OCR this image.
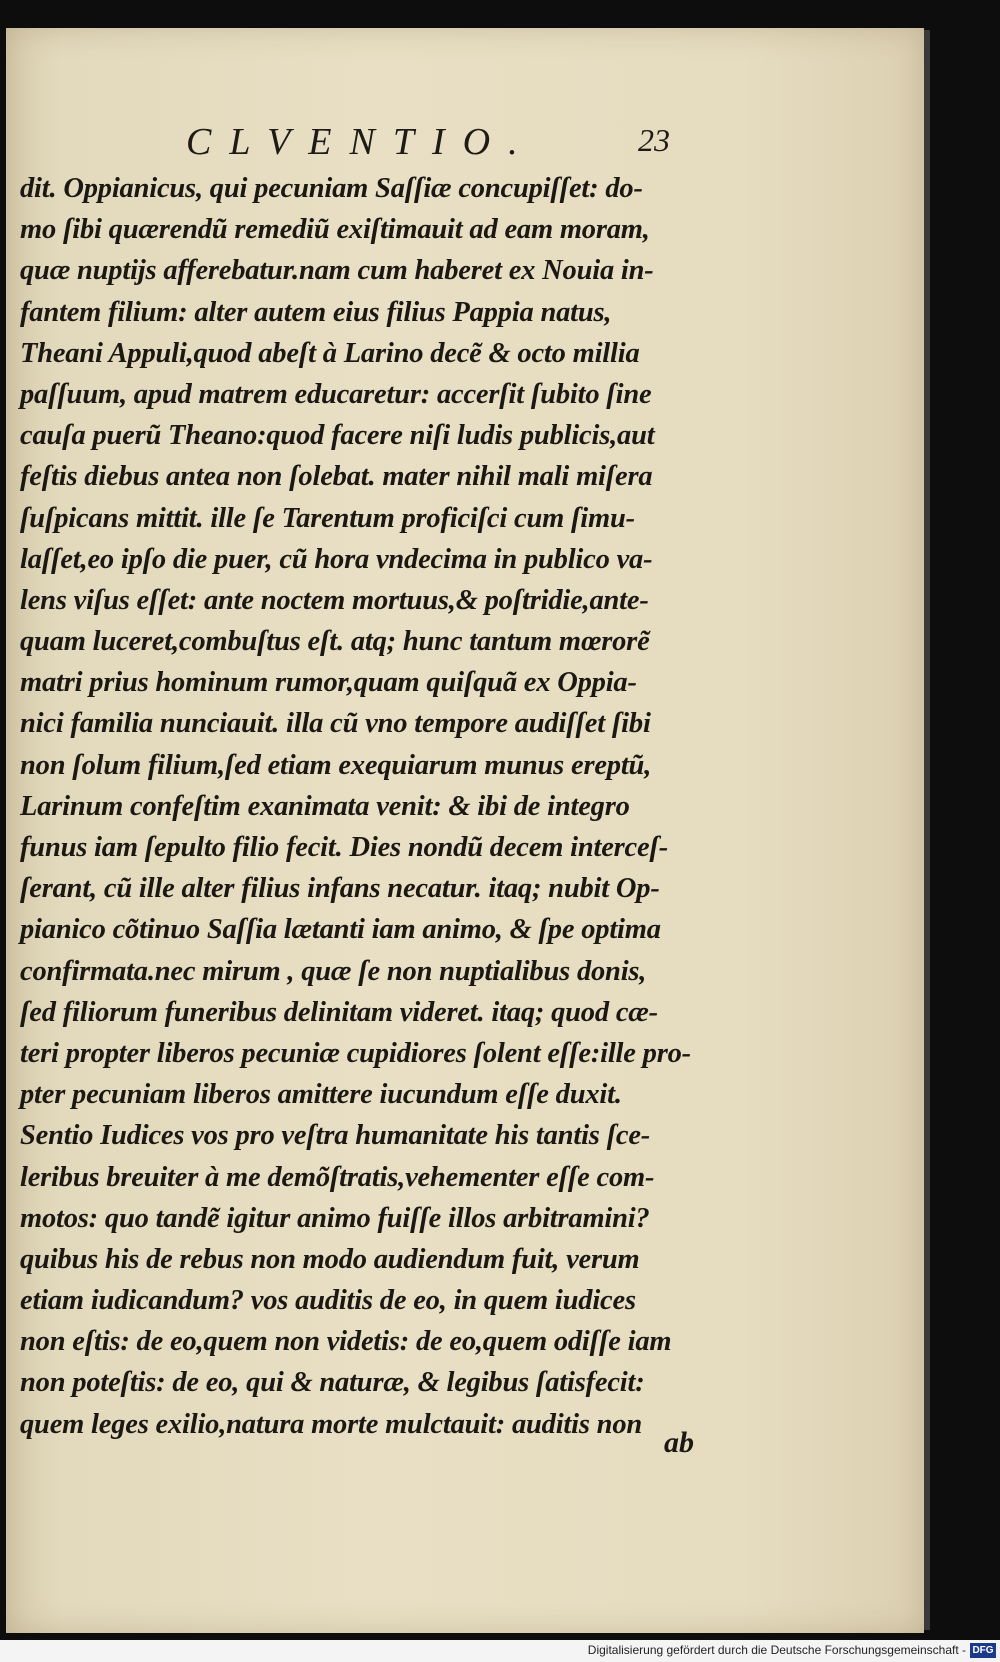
CLVENTIO.	23
dit. Oppianicus, qui pecuniam Saſſiæ concupiſſet: do-
mo ſibi quærendũ remediũ exiſtimauit ad eam moram,
quæ nuptijs afferebatur.nam cum haberet ex Nouia in-
fantem filium: alter autem eius filius Pappia natus,
Theani Appuli,quod abeſt à Larino decẽ & octo millia
paſſuum, apud matrem educaretur: accerſit ſubito ſine
cauſa puerũ Theano:quod facere niſi ludis publicis,aut
feſtis diebus antea non ſolebat. mater nihil mali miſera
ſuſpicans mittit. ille ſe Tarentum proficiſci cum ſimu-
laſſet,eo ipſo die puer, cũ hora vndecima in publico va-
lens viſus eſſet: ante noctem mortuus,& poſtridie,ante-
quam luceret,combuſtus eſt. atq; hunc tantum mœrorẽ
matri prius hominum rumor,quam quiſquã ex Oppia-
nici familia nunciauit. illa cũ vno tempore audiſſet ſibi
non ſolum filium,ſed etiam exequiarum munus ereptũ,
Larinum confeſtim exanimata venit: & ibi de integro
funus iam ſepulto filio fecit. Dies nondũ decem interceſ-
ſerant, cũ ille alter filius infans necatur. itaq; nubit Op-
pianico cõtinuo Saſſia lætanti iam animo, & ſpe optima
confirmata.nec mirum , quæ ſe non nuptialibus donis,
ſed filiorum funeribus delinitam videret. itaq; quod cæ-
teri propter liberos pecuniæ cupidiores ſolent eſſe:ille pro-
pter pecuniam liberos amittere iucundum eſſe duxit.
Sentio Iudices vos pro veſtra humanitate his tantis ſce-
leribus breuiter à me demõſtratis,vehementer eſſe com-
motos: quo tandẽ igitur animo fuiſſe illos arbitramini?
quibus his de rebus non modo audiendum fuit, verum
etiam iudicandum? vos auditis de eo, in quem iudices
non eſtis: de eo,quem non videtis: de eo,quem odiſſe iam
non poteſtis: de eo, qui & naturæ, & legibus ſatisfecit:
quem leges exilio,natura morte mulctauit: auditis non
ab
Digitalisierung gefördert durch die Deutsche Forschungsgemeinschaft - DFG
